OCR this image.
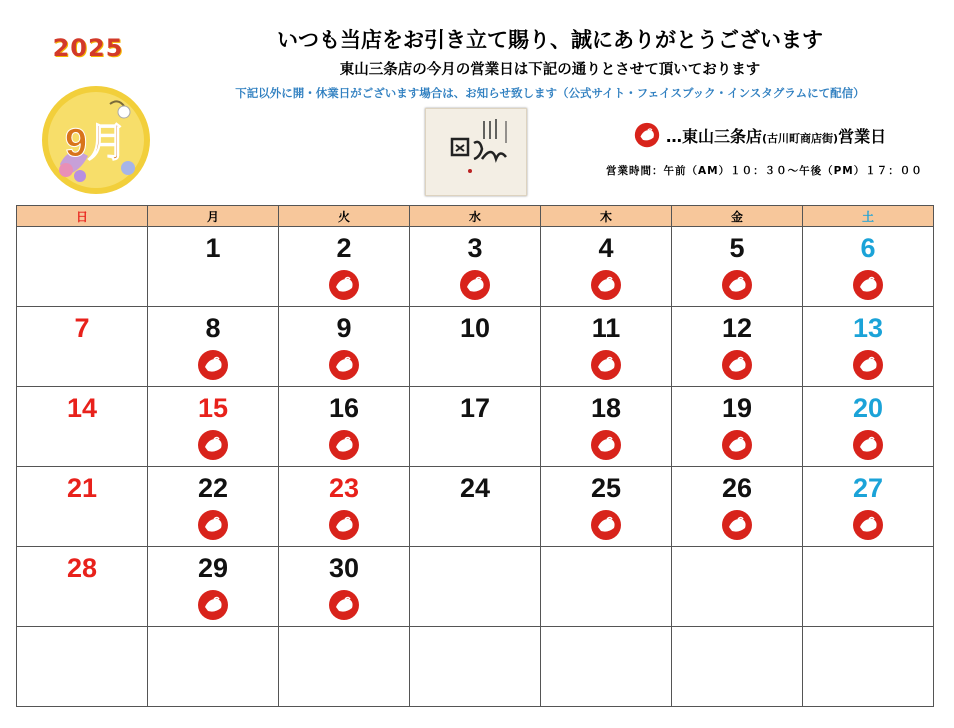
2025
9月
いつも当店をお引き立て賜り、誠にありがとうございます
東山三条店の今月の営業日は下記の通りとさせて頂いております
下記以外に開・休業日がございます場合は、お知らせ致します（公式サイト・フェイスブック・インスタグラムにて配信）
…東山三条店(古川町商店街)営業日
営業時間：午前（AM）１０：３０〜午後（PM）１７：００
日	月	火	水	木	金	土

	1	2	3	4	5	6

7	8	9	10	11	12	13

14	15	16	17	18	19	20

21	22	23	24	25	26	27

28	29	30				
